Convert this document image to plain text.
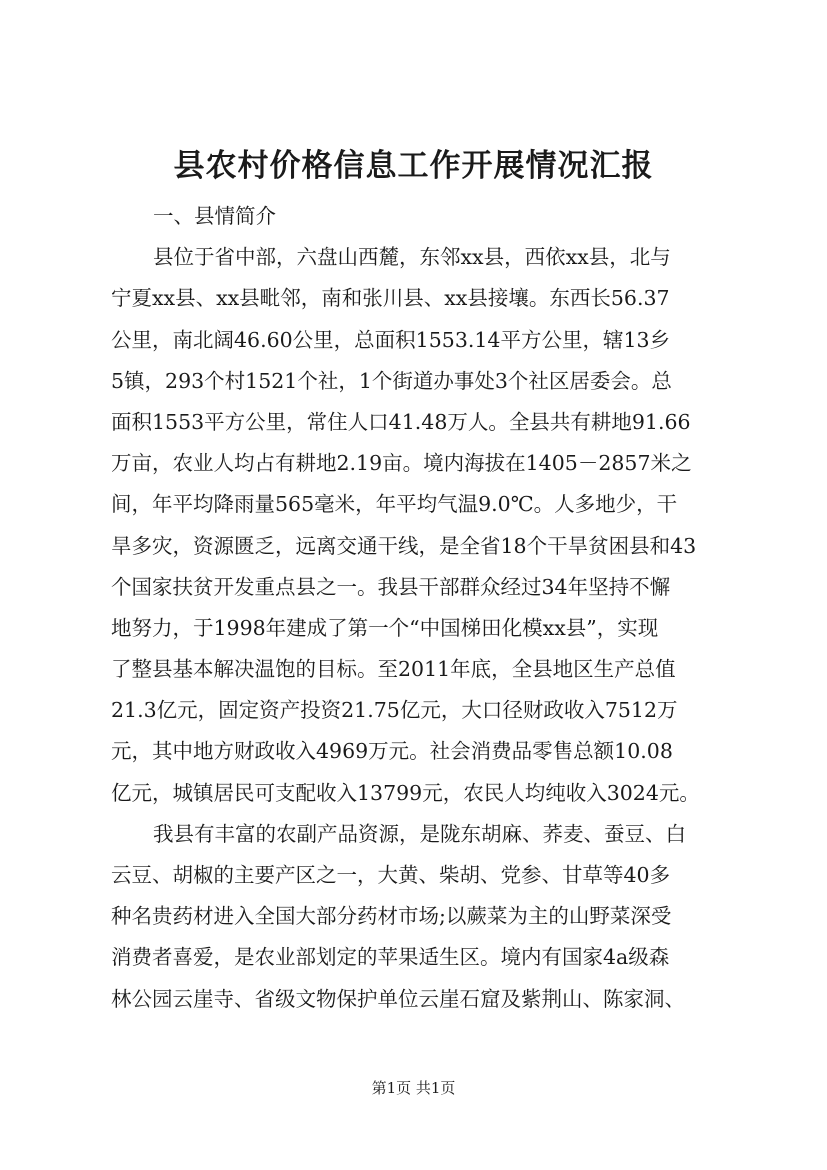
县农村价格信息工作开展情况汇报
一、县情简介
县位于省中部，六盘山西麓，东邻xx县，西依xx县，北与
宁夏xx县、xx县毗邻，南和张川县、xx县接壤。东西长56.37
公里，南北阔46.60公里，总面积1553.14平方公里，辖13乡
5镇，293个村1521个社，1个街道办事处3个社区居委会。总
面积1553平方公里，常住人口41.48万人。全县共有耕地91.66
万亩，农业人均占有耕地2.19亩。境内海拔在1405－2857米之
间，年平均降雨量565毫米，年平均气温9.0℃。人多地少，干
旱多灾，资源匮乏，远离交通干线，是全省18个干旱贫困县和43
个国家扶贫开发重点县之一。我县干部群众经过34年坚持不懈
地努力，于1998年建成了第一个“中国梯田化模xx县”，实现
了整县基本解决温饱的目标。至2011年底，全县地区生产总值
21.3亿元，固定资产投资21.75亿元，大口径财政收入7512万
元，其中地方财政收入4969万元。社会消费品零售总额10.08
亿元，城镇居民可支配收入13799元，农民人均纯收入3024元。
我县有丰富的农副产品资源，是陇东胡麻、荞麦、蚕豆、白
云豆、胡椒的主要产区之一，大黄、柴胡、党参、甘草等40多
种名贵药材进入全国大部分药材市场;以蕨菜为主的山野菜深受
消费者喜爱，是农业部划定的苹果适生区。境内有国家4a级森
林公园云崖寺、省级文物保护单位云崖石窟及紫荆山、陈家洞、
第1页 共1页
